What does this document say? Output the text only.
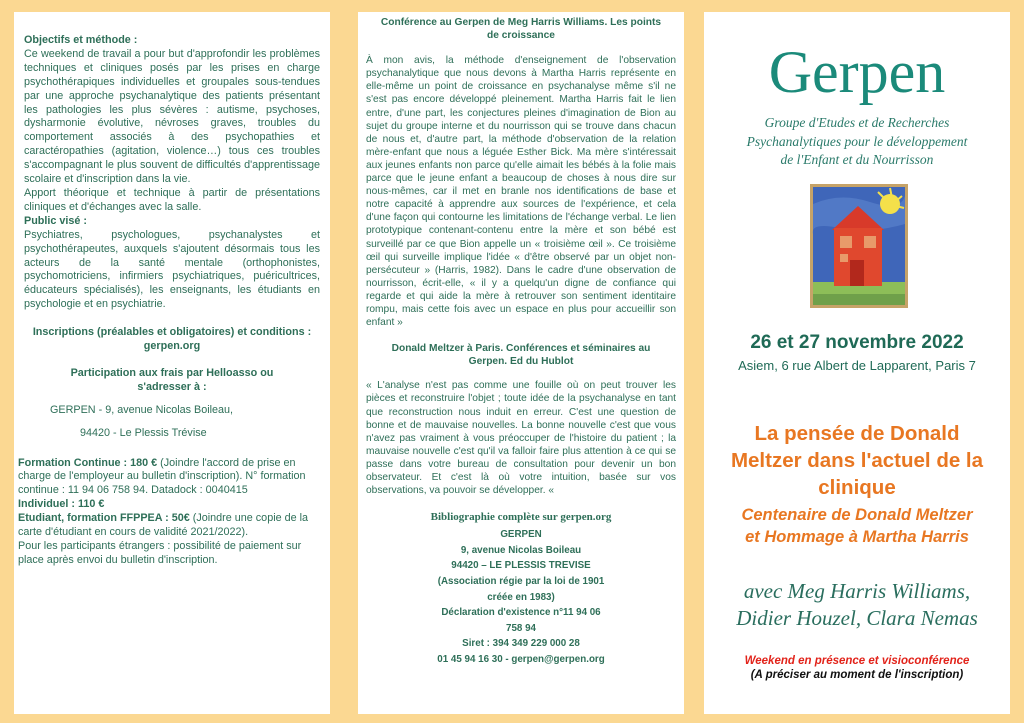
Objectifs et méthode :

Ce weekend de travail a pour but d'approfondir les problèmes techniques et cliniques posés par les prises en charge psychothérapiques individuelles et groupales sous-tendues par une approche psychanalytique des patients présentant les pathologies les plus sévères : autisme, psychoses, dysharmonie évolutive, névroses graves, troubles du comportement associés à des psychopathies et caractéropathies (agitation, violence…) tous ces troubles s'accompagnant le plus souvent de difficultés d'apprentissage scolaire et d'inscription dans la vie.

Apport théorique et technique à partir de présentations cliniques et d'échanges avec la salle.

Public visé :

Psychiatres, psychologues, psychanalystes et psychothérapeutes, auxquels s'ajoutent désormais tous les acteurs de la santé mentale (orthophonistes, psychomotriciens, infirmiers psychiatriques, puéricultrices, éducateurs spécialisés), les enseignants, les étudiants en psychologie et en psychiatrie.

Inscriptions (préalables et obligatoires) et conditions :

gerpen.org

Participation aux frais par Helloasso ou

s'adresser à :

GERPEN - 9, avenue Nicolas Boileau,

94420 - Le Plessis Trévise

Formation Continue : 180 € (Joindre l'accord de prise en charge de l'employeur au bulletin d'inscription). N° formation continue : 11 94 06 758 94. Datadock : 0040415

Individuel : 110 €

Etudiant, formation FFPPEA : 50€ (Joindre une copie de la carte d'étudiant en cours de validité 2021/2022).

Pour les participants étrangers : possibilité de paiement sur place après envoi du bulletin d'inscription.

Conférence au Gerpen de Meg Harris Williams. Les points de croissance

À mon avis, la méthode d'enseignement de l'observation psychanalytique que nous devons à Martha Harris représente en elle-même un point de croissance en psychanalyse même s'il ne s'est pas encore développé pleinement. Martha Harris fait le lien entre, d'une part, les conjectures pleines d'imagination de Bion au sujet du groupe interne et du nourrisson qui se trouve dans chacun de nous et, d'autre part, la méthode d'observation de la relation mère-enfant que nous a léguée Esther Bick. Ma mère s'intéressait aux jeunes enfants non parce qu'elle aimait les bébés à la folie mais parce que le jeune enfant a beaucoup de choses à nous dire sur nous-mêmes, car il met en branle nos identifications de base et notre capacité à apprendre aux sources de l'expérience, et cela d'une façon qui contourne les limitations de l'échange verbal. Le lien prototypique contenant-contenu entre la mère et son bébé est surveillé par ce que Bion appelle un « troisième œil ». Ce troisième œil qui surveille implique l'idée « d'être observé par un objet non-persécuteur » (Harris, 1982). Dans le cadre d'une observation de nourrisson, écrit-elle, « il y a quelqu'un digne de confiance qui regarde et qui aide la mère à retrouver son sentiment identitaire rompu, mais cette fois avec un espace en plus pour accueillir son enfant »

Donald Meltzer à Paris. Conférences et séminaires au Gerpen. Ed du Hublot

« L'analyse n'est pas comme une fouille où on peut trouver les pièces et reconstruire l'objet ; toute idée de la psychanalyse en tant que reconstruction nous induit en erreur. C'est une question de bonne et de mauvaise nouvelles. La bonne nouvelle c'est que vous n'avez pas vraiment à vous préoccuper de l'histoire du patient ; la mauvaise nouvelle c'est qu'il va falloir faire plus attention à ce qui se passe dans votre bureau de consultation pour devenir un bon observateur. Et c'est là où votre intuition, basée sur vos observations, va pouvoir se développer. «

Bibliographie complète sur gerpen.org

GERPEN
9, avenue Nicolas Boileau
94420 – LE PLESSIS TREVISE
(Association régie par la loi de 1901
créée en 1983)
Déclaration d'existence n°11 94 06
758 94
Siret : 394 349 229 000 28
01 45 94 16 30 - gerpen@gerpen.org
Gerpen
Groupe d'Etudes et de Recherches
Psychanalytiques pour le développement
de l'Enfant et du Nourrisson
26 et 27 novembre 2022
Asiem, 6 rue Albert de Lapparent, Paris 7
La pensée de Donald
Meltzer dans l'actuel de la
clinique
Centenaire de Donald Meltzer
et Hommage à Martha Harris
avec Meg Harris Williams,
Didier Houzel, Clara Nemas
Weekend en présence et visioconférence
(A préciser au moment de l'inscription)
